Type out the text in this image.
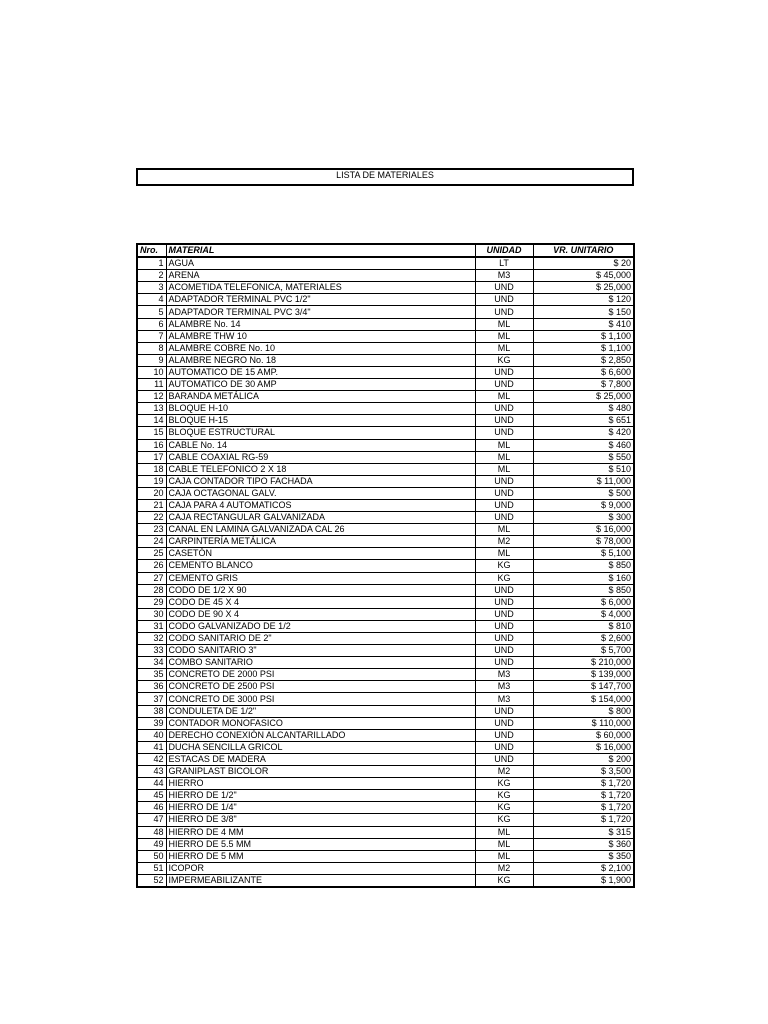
LISTA DE MATERIALES
Nro.	MATERIAL	UNIDAD	VR. UNITARIO
1	AGUA	LT	$ 20
2	ARENA	M3	$ 45,000
3	ACOMETIDA TELEFONICA, MATERIALES	UND	$ 25,000
4	ADAPTADOR TERMINAL PVC 1/2"	UND	$ 120
5	ADAPTADOR TERMINAL PVC 3/4"	UND	$ 150
6	ALAMBRE No. 14	ML	$ 410
7	ALAMBRE THW 10	ML	$ 1,100
8	ALAMBRE COBRE No. 10	ML	$ 1,100
9	ALAMBRE NEGRO No. 18	KG	$ 2,850
10	AUTOMATICO DE 15 AMP.	UND	$ 6,600
11	AUTOMATICO DE 30 AMP	UND	$ 7,800
12	BARANDA METÁLICA	ML	$ 25,000
13	BLOQUE H-10	UND	$ 480
14	BLOQUE H-15	UND	$ 651
15	BLOQUE ESTRUCTURAL	UND	$ 420
16	CABLE No. 14	ML	$ 460
17	CABLE COAXIAL RG-59	ML	$ 550
18	CABLE TELEFONICO 2 X 18	ML	$ 510
19	CAJA CONTADOR TIPO FACHADA	UND	$ 11,000
20	CAJA OCTAGONAL GALV.	UND	$ 500
21	CAJA PARA 4 AUTOMATICOS	UND	$ 9,000
22	CAJA RECTANGULAR GALVANIZADA	UND	$ 300
23	CANAL EN LAMINA GALVANIZADA CAL 26	ML	$ 16,000
24	CARPINTERÍA METÁLICA	M2	$ 78,000
25	CASETÓN	ML	$ 5,100
26	CEMENTO BLANCO	KG	$ 850
27	CEMENTO GRIS	KG	$ 160
28	CODO DE 1/2 X 90	UND	$ 850
29	CODO DE 45 X 4	UND	$ 6,000
30	CODO DE 90 X 4	UND	$ 4,000
31	CODO GALVANIZADO DE 1/2	UND	$ 810
32	CODO SANITARIO DE 2"	UND	$ 2,600
33	CODO SANITARIO 3"	UND	$ 5,700
34	COMBO SANITARIO	UND	$ 210,000
35	CONCRETO DE 2000 PSI	M3	$ 139,000
36	CONCRETO DE 2500 PSI	M3	$ 147,700
37	CONCRETO DE 3000 PSI	M3	$ 154,000
38	CONDULETA DE 1/2"	UND	$ 800
39	CONTADOR MONOFASICO	UND	$ 110,000
40	DERECHO CONEXIÓN ALCANTARILLADO	UND	$ 60,000
41	DUCHA SENCILLA GRICOL	UND	$ 16,000
42	ESTACAS DE MADERA	UND	$ 200
43	GRANIPLAST BICOLOR	M2	$ 3,500
44	HIERRO	KG	$ 1,720
45	HIERRO DE 1/2"	KG	$ 1,720
46	HIERRO DE 1/4"	KG	$ 1,720
47	HIERRO DE 3/8"	KG	$ 1,720
48	HIERRO DE 4 MM	ML	$ 315
49	HIERRO DE 5.5 MM	ML	$ 360
50	HIERRO DE 5 MM	ML	$ 350
51	ICOPOR	M2	$ 2,100
52	IMPERMEABILIZANTE	KG	$ 1,900
